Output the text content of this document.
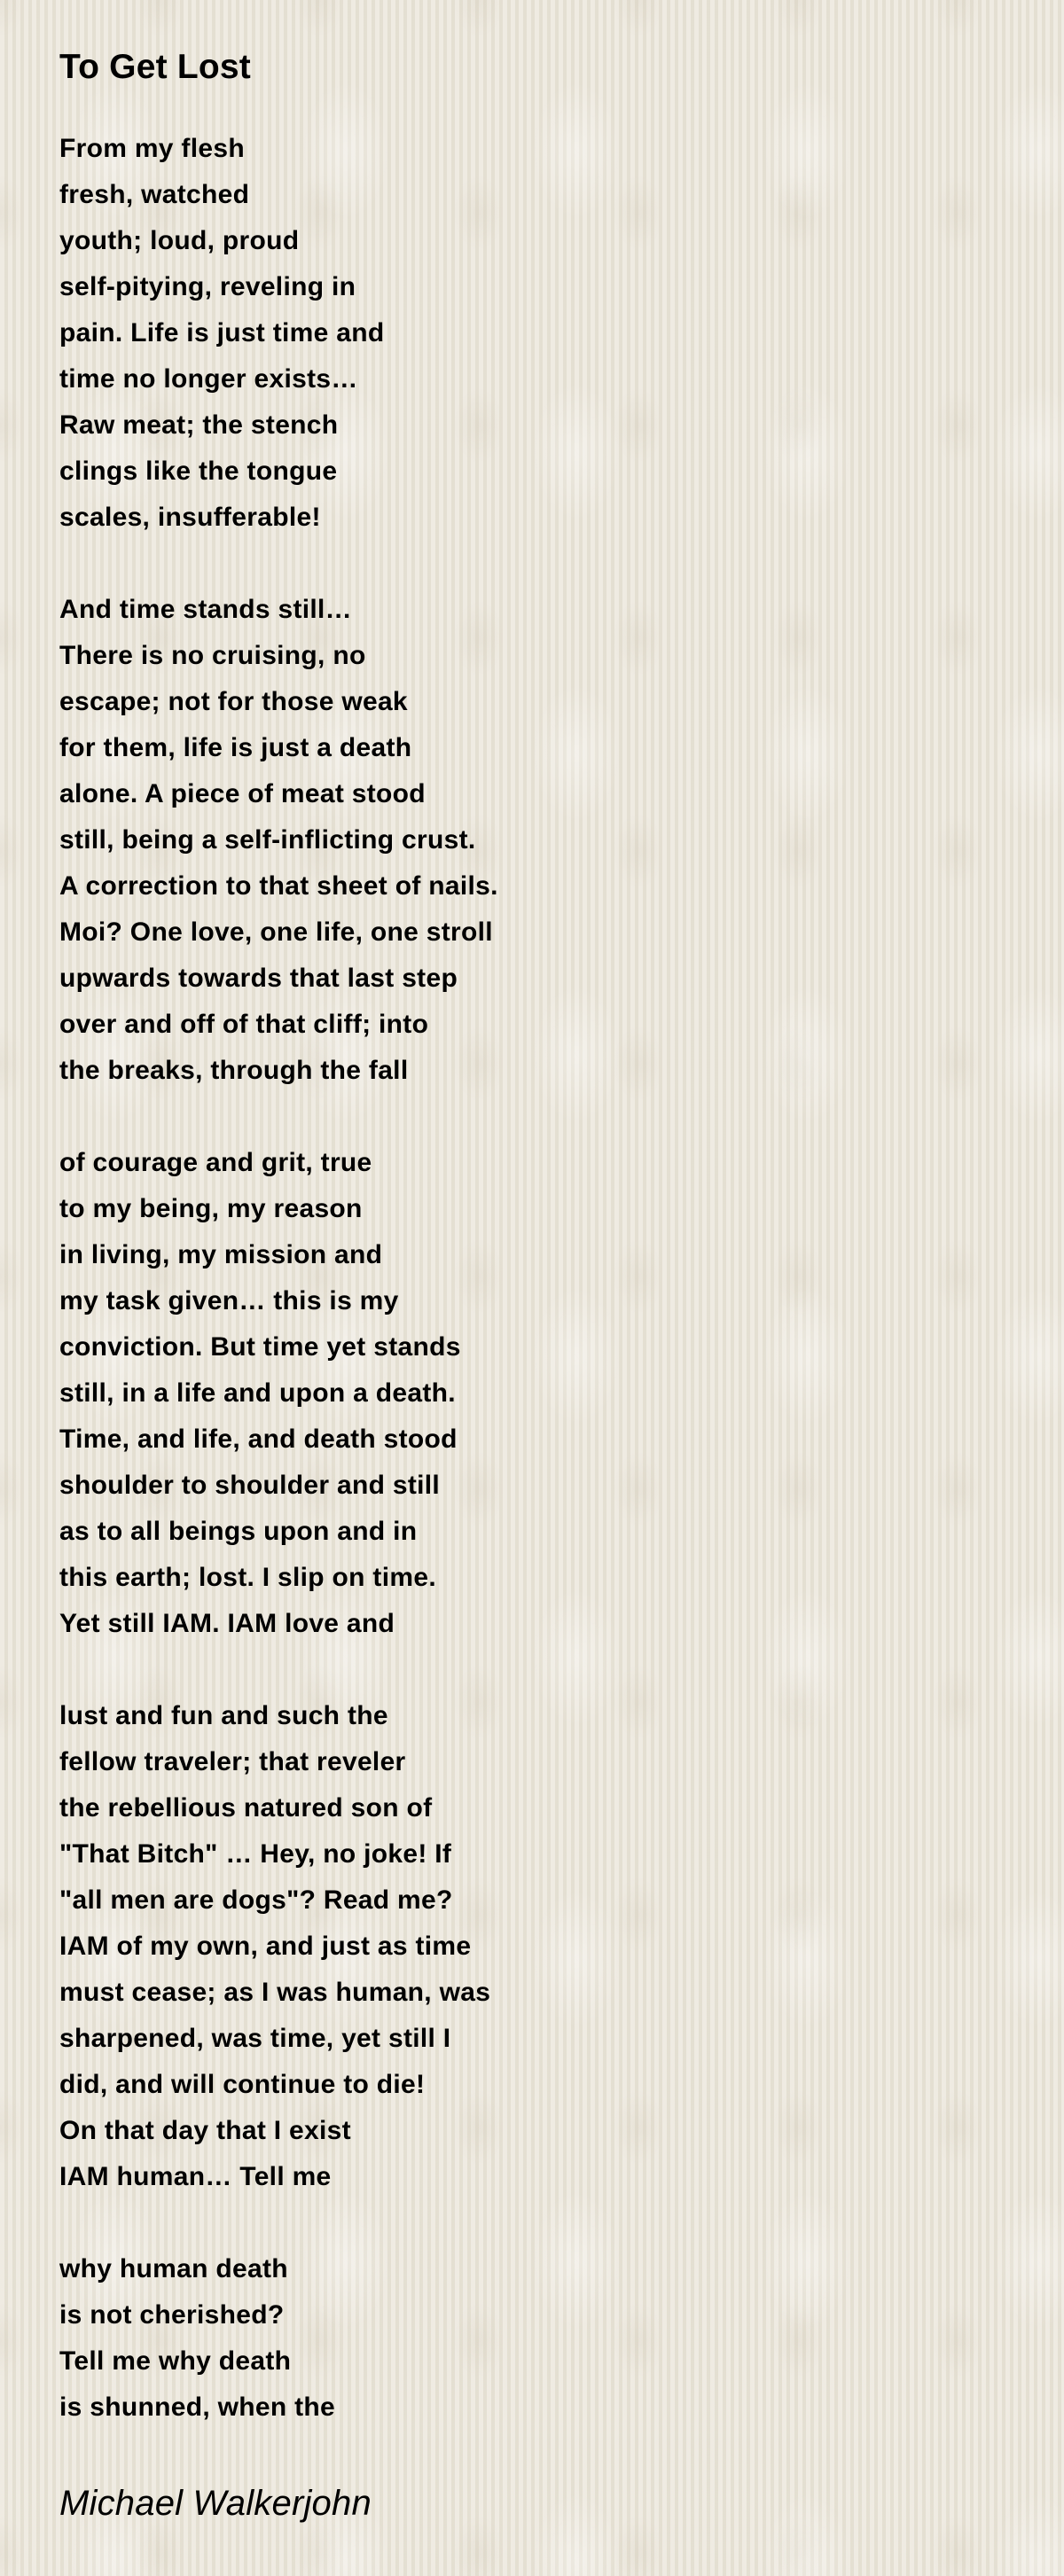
To Get Lost
From my flesh
fresh, watched
youth; loud, proud
self-pitying, reveling in
pain. Life is just time and
time no longer exists…
Raw meat; the stench
clings like the tongue
scales, insufferable!
And time stands still…
There is no cruising, no
escape; not for those weak
for them, life is just a death
alone. A piece of meat stood
still, being a self-inflicting crust.
A correction to that sheet of nails.
Moi? One love, one life, one stroll
upwards towards that last step
over and off of that cliff; into
the breaks, through the fall
of courage and grit, true
to my being, my reason
in living, my mission and
my task given… this is my
conviction. But time yet stands
still, in a life and upon a death.
Time, and life, and death stood
shoulder to shoulder and still
as to all beings upon and in
this earth; lost. I slip on time.
Yet still IAM. IAM love and
lust and fun and such the
fellow traveler; that reveler
the rebellious natured son of
"That Bitch" … Hey, no joke! If
"all men are dogs"? Read me?
IAM of my own, and just as time
must cease; as I was human, was
sharpened, was time, yet still I
did, and will continue to die!
On that day that I exist
IAM human… Tell me
why human death
is not cherished?
Tell me why death
is shunned, when the
Michael Walkerjohn
